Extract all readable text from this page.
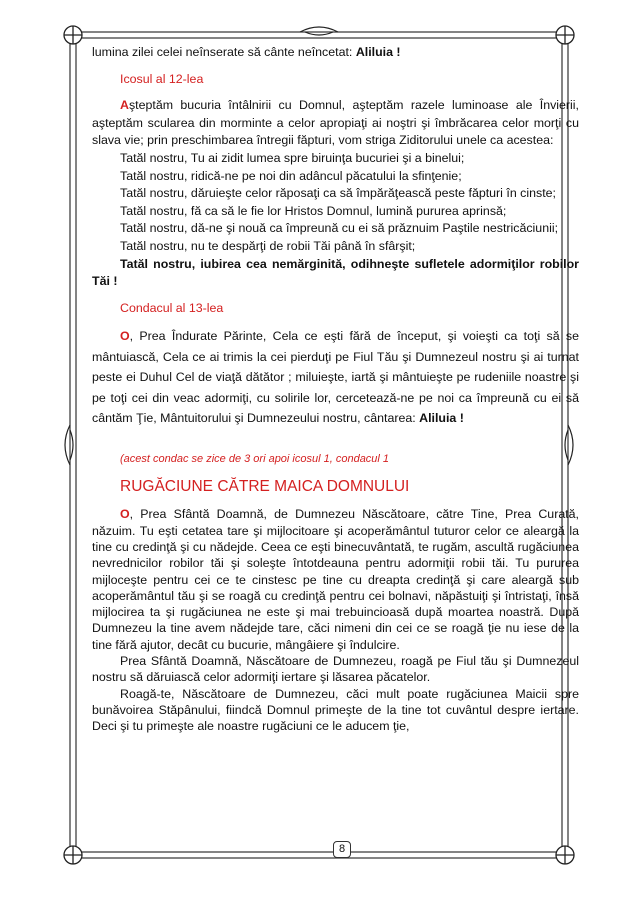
lumina zilei celei neînserate să cânte neîncetat: Aliluia !

Icosul al 12-lea

Aşteptăm bucuria întâlnirii cu Domnul, aşteptăm razele luminoase ale Învierii, aşteptăm scularea din morminte a celor apropiaţi ai noştri şi îmbrăcarea celor morţi cu slava vie; prin preschimbarea întregii făpturi, vom striga Ziditorului unele ca acestea:

Tatăl nostru, Tu ai zidit lumea spre biruinţa bucuriei şi a binelui;

Tatăl nostru, ridică-ne pe noi din adâncul păcatului la sfinţenie;

Tatăl nostru, dăruieşte celor răposaţi ca să împărăţească peste făpturi în cinste;

Tatăl nostru, fă ca să le fie lor Hristos Domnul, lumină pururea aprinsă;

Tatăl nostru, dă-ne şi nouă ca împreună cu ei să prăznuim Paştile nestricăciunii;

Tatăl nostru, nu te despărţi de robii Tăi până în sfârşit;

Tatăl nostru, iubirea cea nemărginită, odihneşte sufletele adormiţilor robilor Tăi !

Condacul al 13-lea

O, Prea Îndurate Părinte, Cela ce eşti fără de început, şi voieşti ca toţi să se mântuiască, Cela ce ai trimis la cei pierduţi pe Fiul Tău şi Dumnezeul nostru şi ai turnat peste ei Duhul Cel de viaţă dătător ; miluieşte, iartă şi mântuieşte pe rudeniile noastre şi pe toţi cei din veac adormiţi, cu solirile lor, cercetează-ne pe noi ca împreună cu ei să cântăm Ţie, Mântuitorului şi Dumnezeului nostru, cântarea: Aliluia !

(acest condac se zice de 3 ori apoi icosul 1, condacul 1

RUGĂCIUNE CĂTRE MAICA DOMNULUI

O, Prea Sfântă Doamnă, de Dumnezeu Născătoare, către Tine, Prea Curată, năzuim. Tu eşti cetatea tare şi mijlocitoare şi acoperământul tuturor celor ce aleargă la tine cu credinţă şi cu nădejde. Ceea ce eşti binecuvântată, te rugăm, ascultă rugăciunea nevrednicilor robilor tăi şi soleşte întotdeauna pentru adormiţii robii tăi. Tu pururea mijloceşte pentru cei ce te cinstesc pe tine cu dreapta credinţă şi care aleargă sub acoperământul tău şi se roagă cu credinţă pentru cei bolnavi, năpăstuiţi şi întristaţi, însă mijlocirea ta şi rugăciunea ne este şi mai trebuincioasă după moartea noastră. După Dumnezeu la tine avem nădejde tare, căci nimeni din cei ce se roagă ţie nu iese de la tine fără ajutor, decât cu bucurie, mângâiere şi îndulcire.

Prea Sfântă Doamnă, Născătoare de Dumnezeu, roagă pe Fiul tău şi Dumnezeul nostru să dăruiască celor adormiţi iertare şi lăsarea păcatelor.

Roagă-te, Născătoare de Dumnezeu, căci mult poate rugăciunea Maicii spre bunăvoirea Stăpânului, fiindcă Domnul primeşte de la tine tot cuvântul despre iertare. Deci şi tu primeşte ale noastre rugăciuni ce le aducem ţie,

8
